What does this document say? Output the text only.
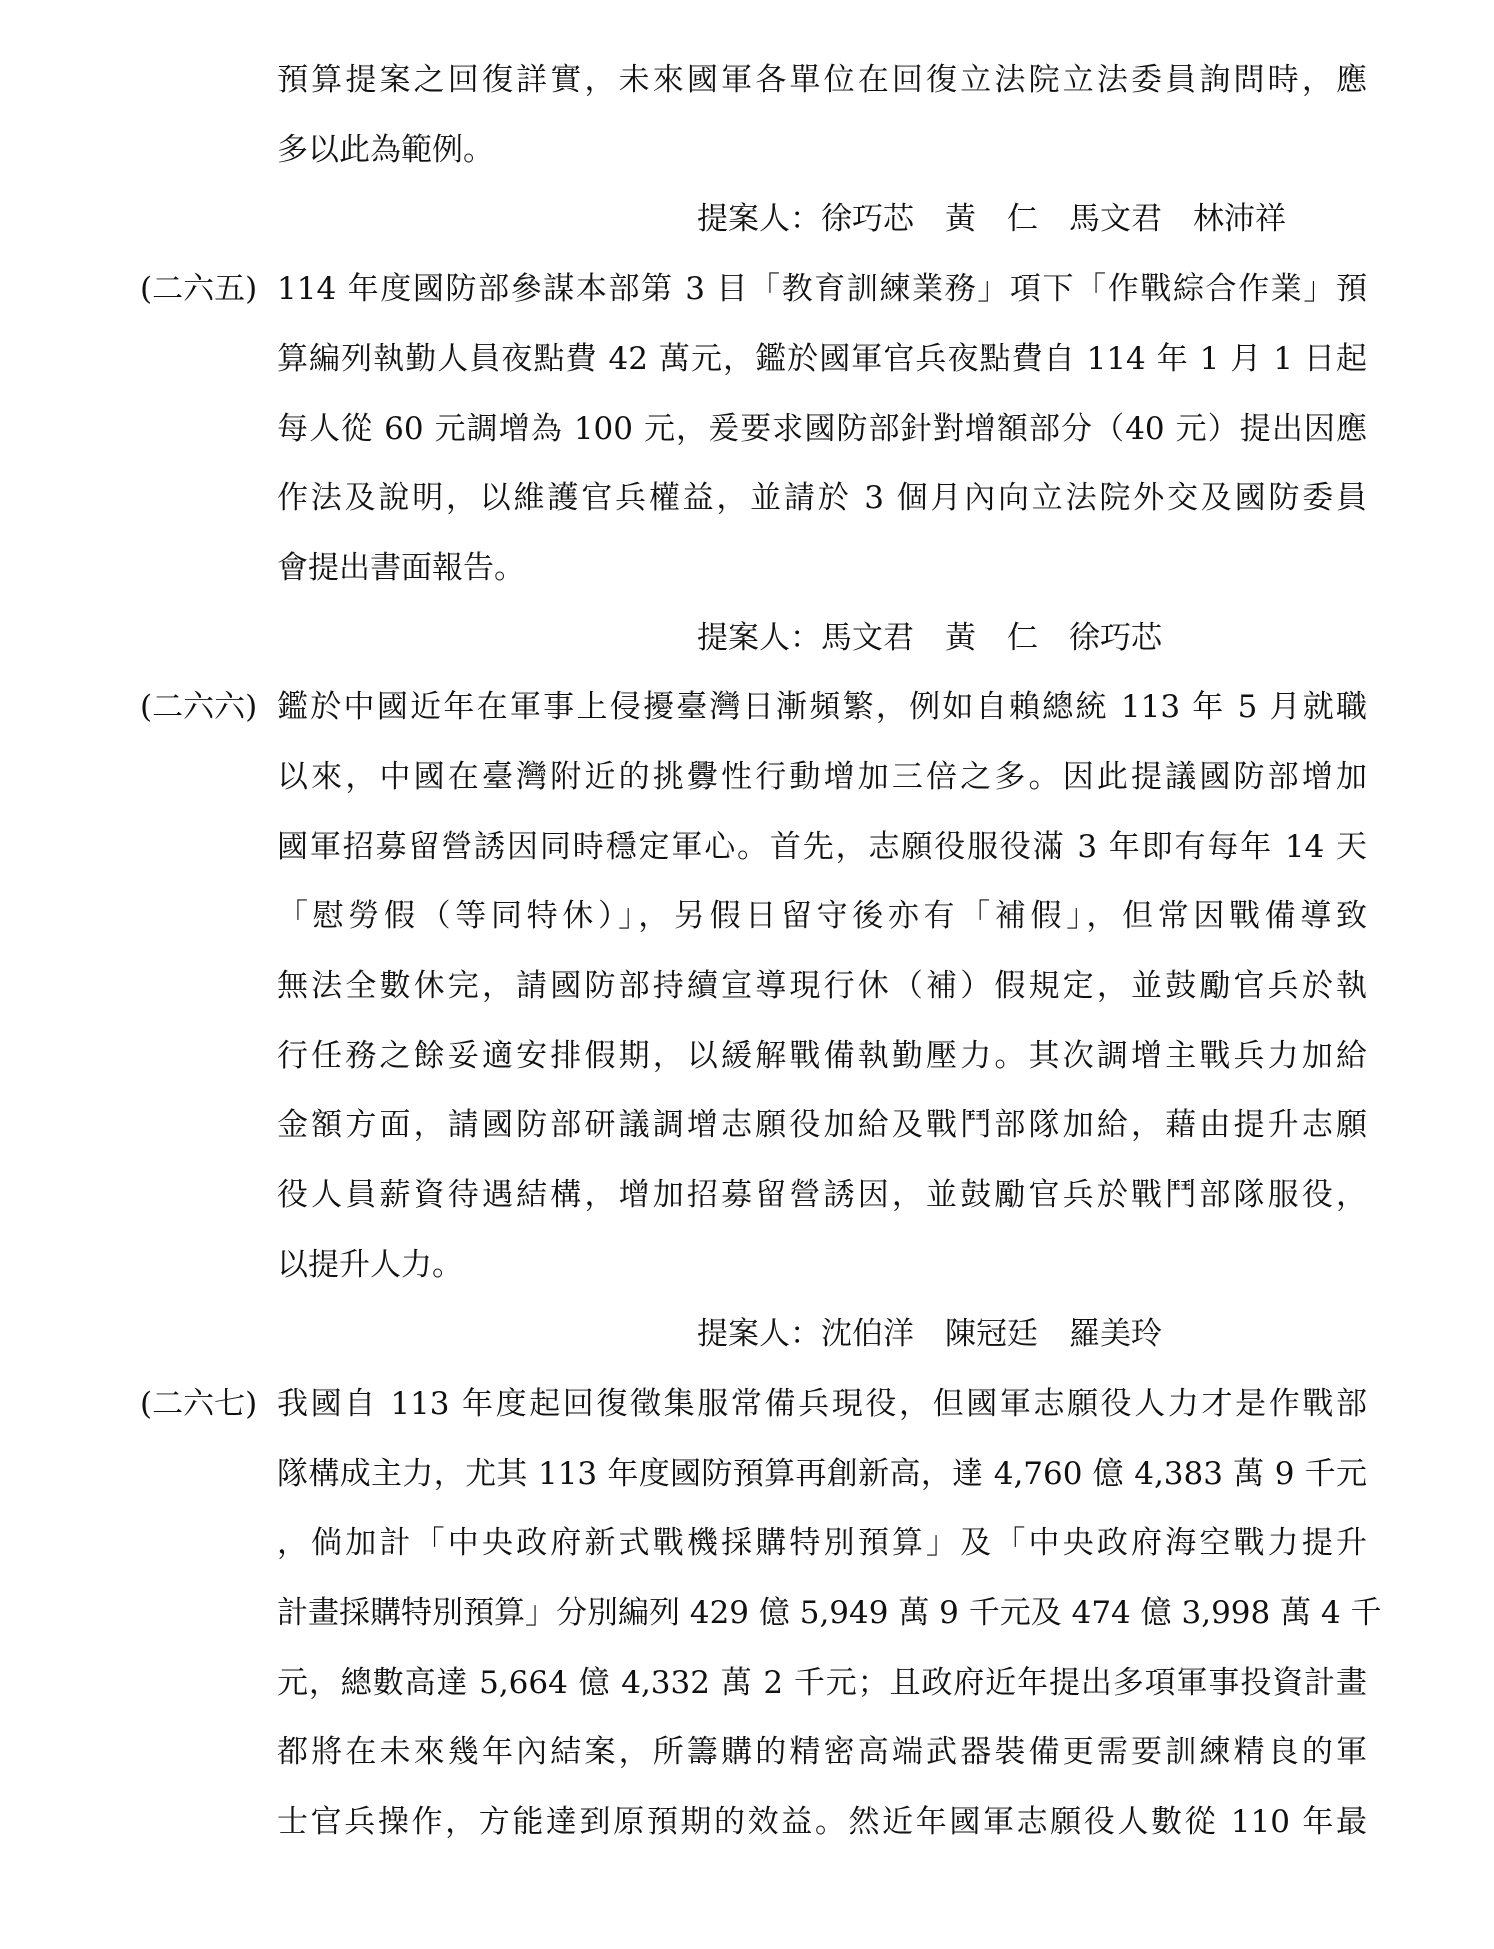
預算提案之回復詳實，未來國軍各單位在回復立法院立法委員詢問時，應
多以此為範例。
提案人：徐巧芯　黃　仁　馬文君　林沛祥
(二六五) 114 年度國防部參謀本部第 3 目「教育訓練業務」項下「作戰綜合作業」預
算編列執勤人員夜點費 42 萬元，鑑於國軍官兵夜點費自 114 年 1 月 1 日起
每人從 60 元調增為 100 元，爰要求國防部針對增額部分（40 元）提出因應
作法及說明，以維護官兵權益，並請於 3 個月內向立法院外交及國防委員
會提出書面報告。
提案人：馬文君　黃　仁　徐巧芯
(二六六) 鑑於中國近年在軍事上侵擾臺灣日漸頻繁，例如自賴總統 113 年 5 月就職
以來，中國在臺灣附近的挑釁性行動增加三倍之多。因此提議國防部增加
國軍招募留營誘因同時穩定軍心。首先，志願役服役滿 3 年即有每年 14 天
「慰勞假（等同特休）」，另假日留守後亦有「補假」，但常因戰備導致
無法全數休完，請國防部持續宣導現行休（補）假規定，並鼓勵官兵於執
行任務之餘妥適安排假期，以緩解戰備執勤壓力。其次調增主戰兵力加給
金額方面，請國防部研議調增志願役加給及戰鬥部隊加給，藉由提升志願
役人員薪資待遇結構，增加招募留營誘因，並鼓勵官兵於戰鬥部隊服役，
以提升人力。
提案人：沈伯洋　陳冠廷　羅美玲
(二六七) 我國自 113 年度起回復徵集服常備兵現役，但國軍志願役人力才是作戰部
隊構成主力，尤其 113 年度國防預算再創新高，達 4,760 億 4,383 萬 9 千元
，倘加計「中央政府新式戰機採購特別預算」及「中央政府海空戰力提升
計畫採購特別預算」分別編列 429 億 5,949 萬 9 千元及 474 億 3,998 萬 4 千
元，總數高達 5,664 億 4,332 萬 2 千元；且政府近年提出多項軍事投資計畫
都將在未來幾年內結案，所籌購的精密高端武器裝備更需要訓練精良的軍
士官兵操作，方能達到原預期的效益。然近年國軍志願役人數從 110 年最
